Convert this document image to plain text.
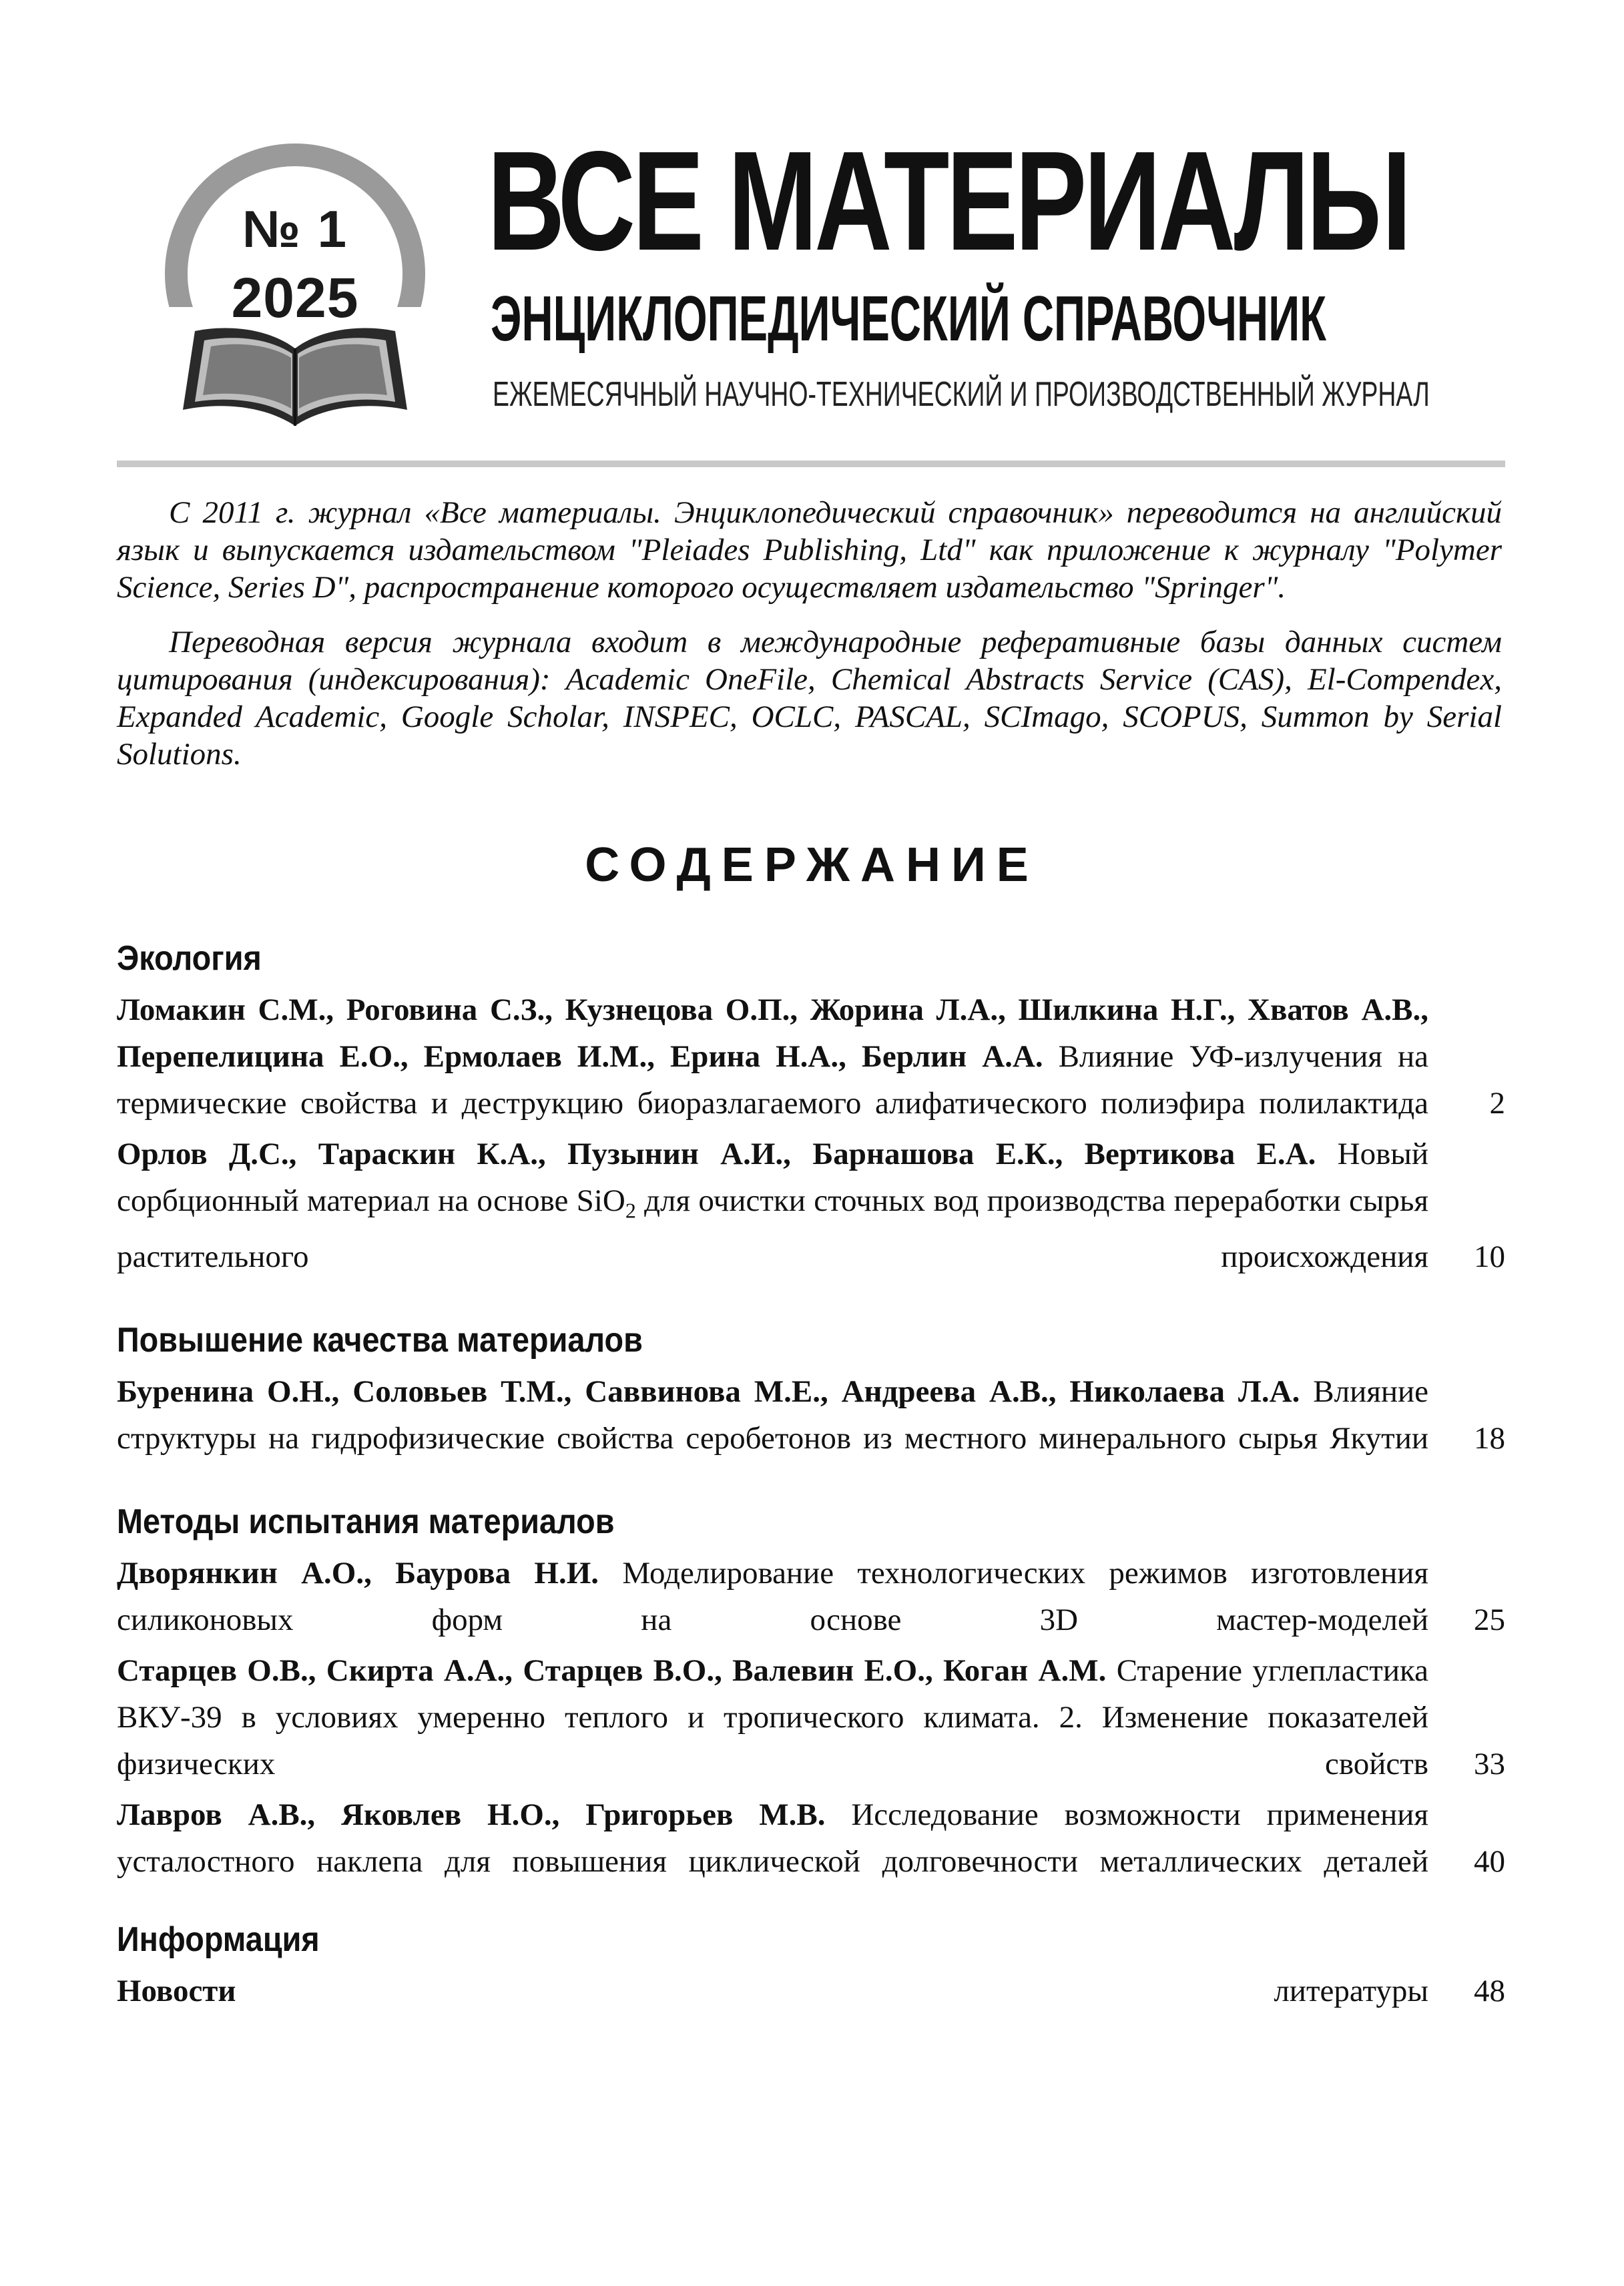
№ 1
2025
ВСЕ МАТЕРИАЛЫ
ЭНЦИКЛОПЕДИЧЕСКИЙ СПРАВОЧНИК
ЕЖЕМЕСЯЧНЫЙ НАУЧНО-ТЕХНИЧЕСКИЙ И ПРОИЗВОДСТВЕННЫЙ ЖУРНАЛ

С 2011 г. журнал «Все материалы. Энциклопедический справочник» переводится на английский язык и выпускается издательством "Pleiades Publishing, Ltd" как приложение к журналу "Polymer Science, Series D", распространение которого осуществляет издательство "Springer".

Переводная версия журнала входит в международные реферативные базы данных систем цитирования (индексирования): Academic OneFile, Chemical Abstracts Service (CAS), El-Compendex, Expanded Academic, Google Scholar, INSPEC, OCLC, PASCAL, SCImago, SCOPUS, Summon by Serial Solutions.

СОДЕРЖАНИЕ
Экология
Ломакин С.М., Роговина С.З., Кузнецова О.П., Жорина Л.А., Шилкина Н.Г., Хватов А.В., Перепелицина Е.О., Ермолаев И.М., Ерина Н.А., Берлин А.А. Влияние УФ-излучения на термические свойства и деструкцию биоразлагаемого алифатического полиэфира полилактида 2
Орлов Д.С., Тараскин К.А., Пузынин А.И., Барнашова Е.К., Вертикова Е.А. Новый сорбционный материал на основе SiO$_2$ для очистки сточных вод производства переработки сырья растительного происхождения 10
Повышение качества материалов
Буренина О.Н., Соловьев Т.М., Саввинова М.Е., Андреева А.В., Николаева Л.А. Влияние структуры на гидрофизические свойства серобетонов из местного минерального сырья Якутии 18
Методы испытания материалов
Дворянкин А.О., Баурова Н.И. Моделирование технологических режимов изготовления силиконовых форм на основе 3D мастер-моделей 25
Старцев О.В., Скирта А.А., Старцев В.О., Валевин Е.О., Коган А.М. Старение углепластика ВКУ-39 в условиях умеренно теплого и тропического климата. 2. Изменение показателей физических свойств 33
Лавров А.В., Яковлев Н.О., Григорьев М.В. Исследование возможности применения усталостного наклепа для повышения циклической долговечности металлических деталей 40
Информация
Новости	литературы 48
